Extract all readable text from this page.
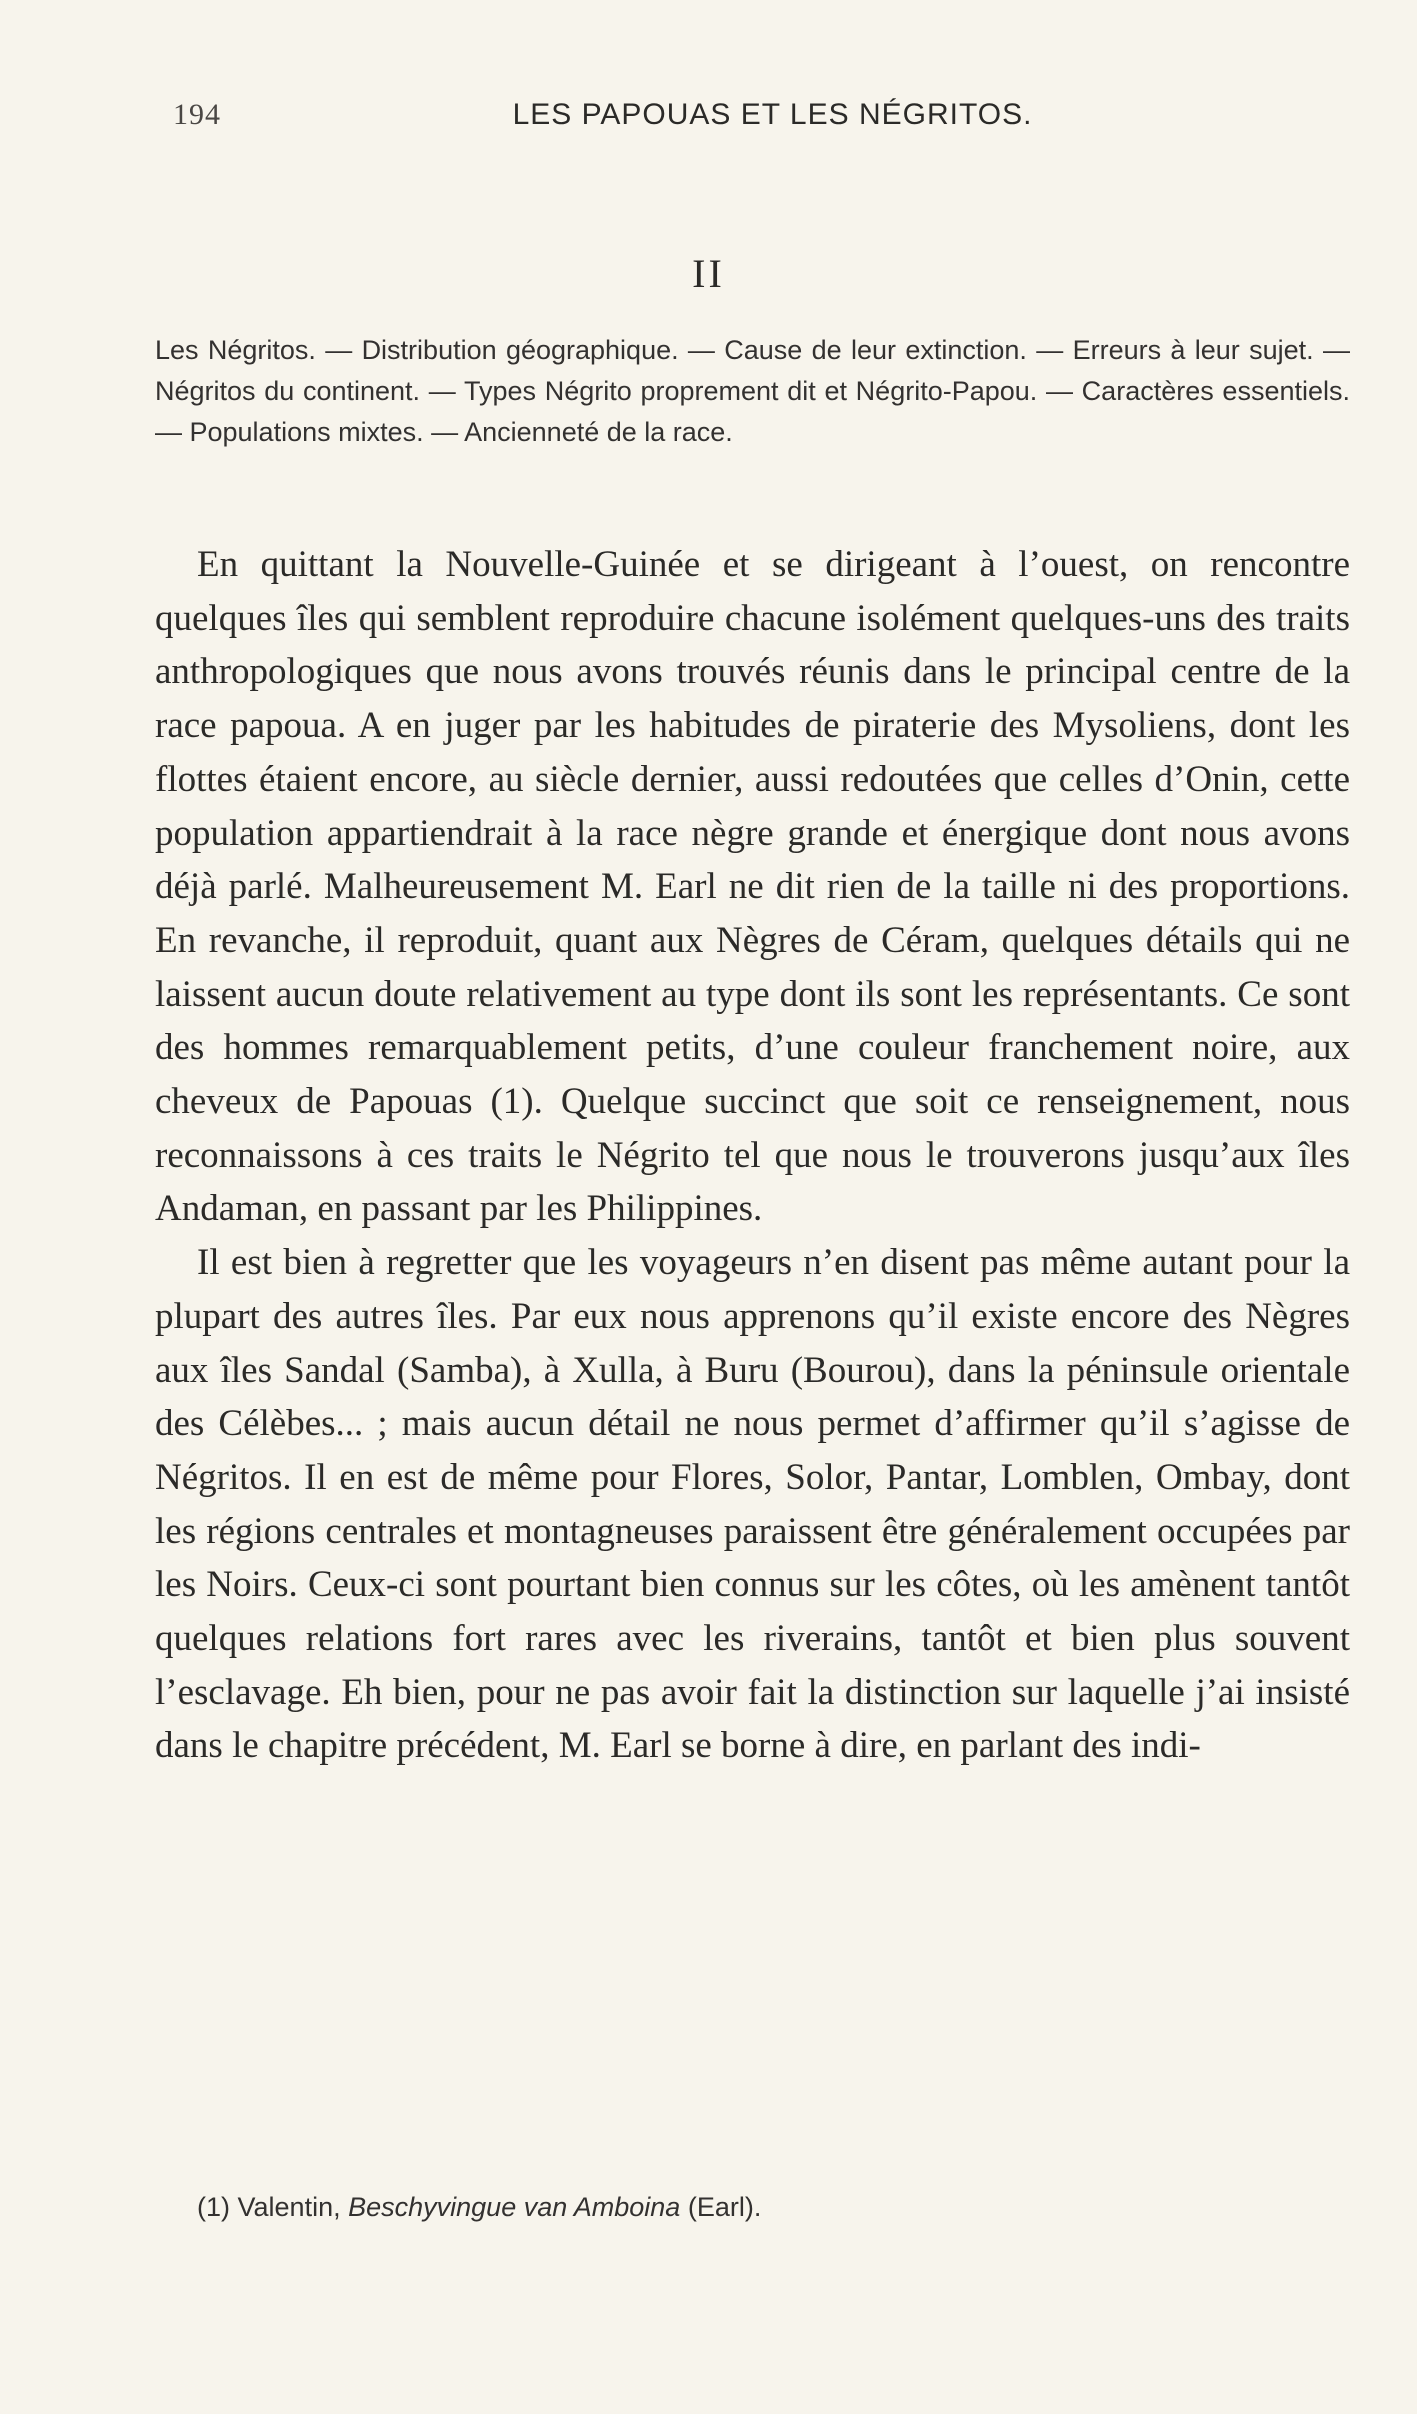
194	LES PAPOUAS ET LES NÉGRITOS.
II
Les Négritos. — Distribution géographique. — Cause de leur extinction. — Erreurs à leur sujet. — Négritos du continent. — Types Négrito proprement dit et Négrito-Papou. — Caractères essentiels. — Populations mixtes. — Ancienneté de la race.

En quittant la Nouvelle-Guinée et se dirigeant à l’ouest, on rencontre quelques îles qui semblent reproduire chacune isolément quelques-uns des traits anthropologiques que nous avons trouvés réunis dans le principal centre de la race papoua. A en juger par les habitudes de piraterie des Mysoliens, dont les flottes étaient encore, au siècle dernier, aussi redoutées que celles d’Onin, cette population appartiendrait à la race nègre grande et énergique dont nous avons déjà parlé. Malheureusement M. Earl ne dit rien de la taille ni des proportions. En revanche, il reproduit, quant aux Nègres de Céram, quelques détails qui ne laissent aucun doute relativement au type dont ils sont les représentants. Ce sont des hommes remarquablement petits, d’une couleur franchement noire, aux cheveux de Papouas (1). Quelque succinct que soit ce renseignement, nous reconnaissons à ces traits le Négrito tel que nous le trouverons jusqu’aux îles Andaman, en passant par les Philippines.

Il est bien à regretter que les voyageurs n’en disent pas même autant pour la plupart des autres îles. Par eux nous apprenons qu’il existe encore des Nègres aux îles Sandal (Samba), à Xulla, à Buru (Bourou), dans la péninsule orientale des Célèbes... ; mais aucun détail ne nous permet d’affirmer qu’il s’agisse de Négritos. Il en est de même pour Flores, Solor, Pantar, Lomblen, Ombay, dont les régions centrales et montagneuses paraissent être généralement occupées par les Noirs. Ceux-ci sont pourtant bien connus sur les côtes, où les amènent tantôt quelques relations fort rares avec les riverains, tantôt et bien plus souvent l’esclavage. Eh bien, pour ne pas avoir fait la distinction sur laquelle j’ai insisté dans le chapitre précédent, M. Earl se borne à dire, en parlant des indi-

(1) Valentin, Beschyvingue van Amboina (Earl).
